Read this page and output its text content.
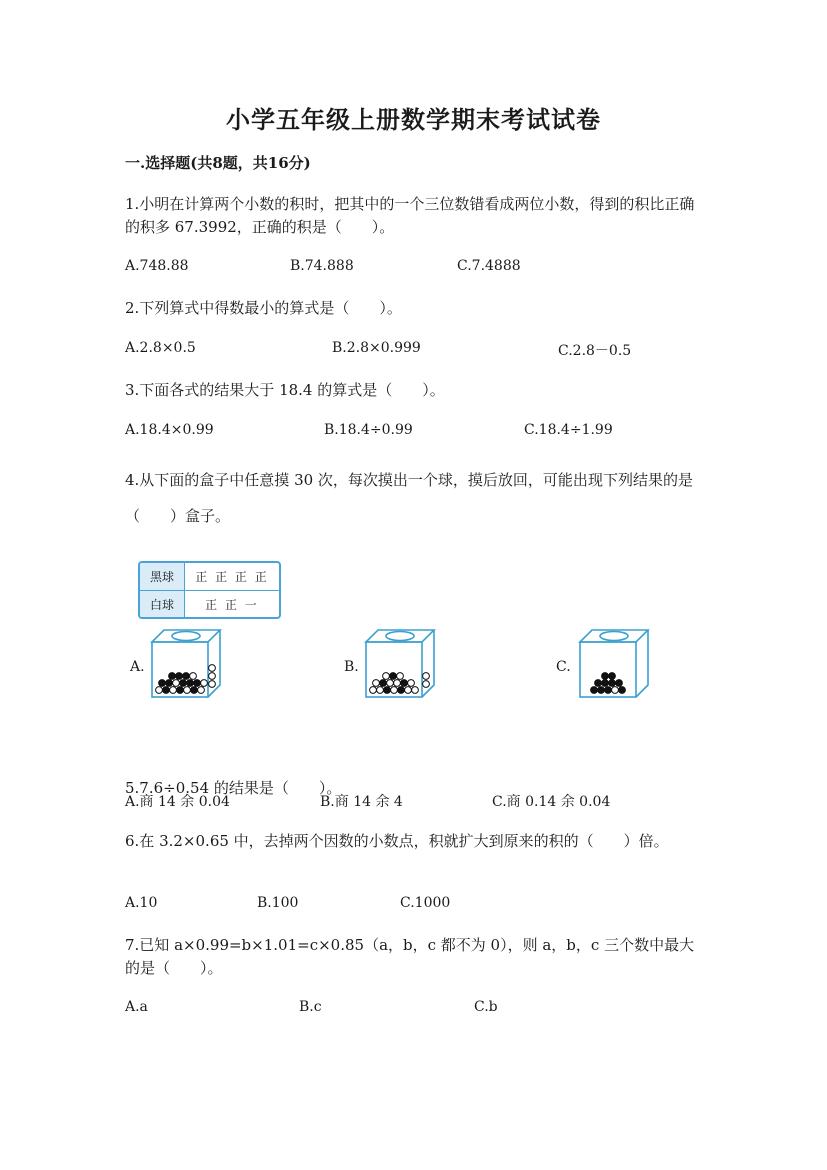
小学五年级上册数学期末考试试卷
一.选择题(共8题，共16分)
1.小明在计算两个小数的积时，把其中的一个三位数错看成两位小数，得到的积比正确的积多 67.3992，正确的积是（　　）。
A.748.88	B.74.888	C.7.4888
2.下列算式中得数最小的算式是（　　）。
A.2.8×0.5	B.2.8×0.999	C.2.8－0.5
3.下面各式的结果大于 18.4 的算式是（　　）。
A.18.4×0.99	B.18.4÷0.99	C.18.4÷1.99
4.从下面的盒子中任意摸 30 次，每次摸出一个球，摸后放回，可能出现下列结果的是（　　）盒子。
黑球	正 正 正 正
白球	正 正 一
A.	B.	C.
5.7.6÷0.54 的结果是（　　）。
A.商 14 余 0.04	B.商 14 余 4	C.商 0.14 余 0.04
6.在 3.2×0.65 中，去掉两个因数的小数点，积就扩大到原来的积的（　　）倍。
A.10	B.100	C.1000
7.已知 a×0.99=b×1.01=c×0.85（a，b，c 都不为 0），则 a，b，c 三个数中最大的是（　　）。
A.a	B.c	C.b
